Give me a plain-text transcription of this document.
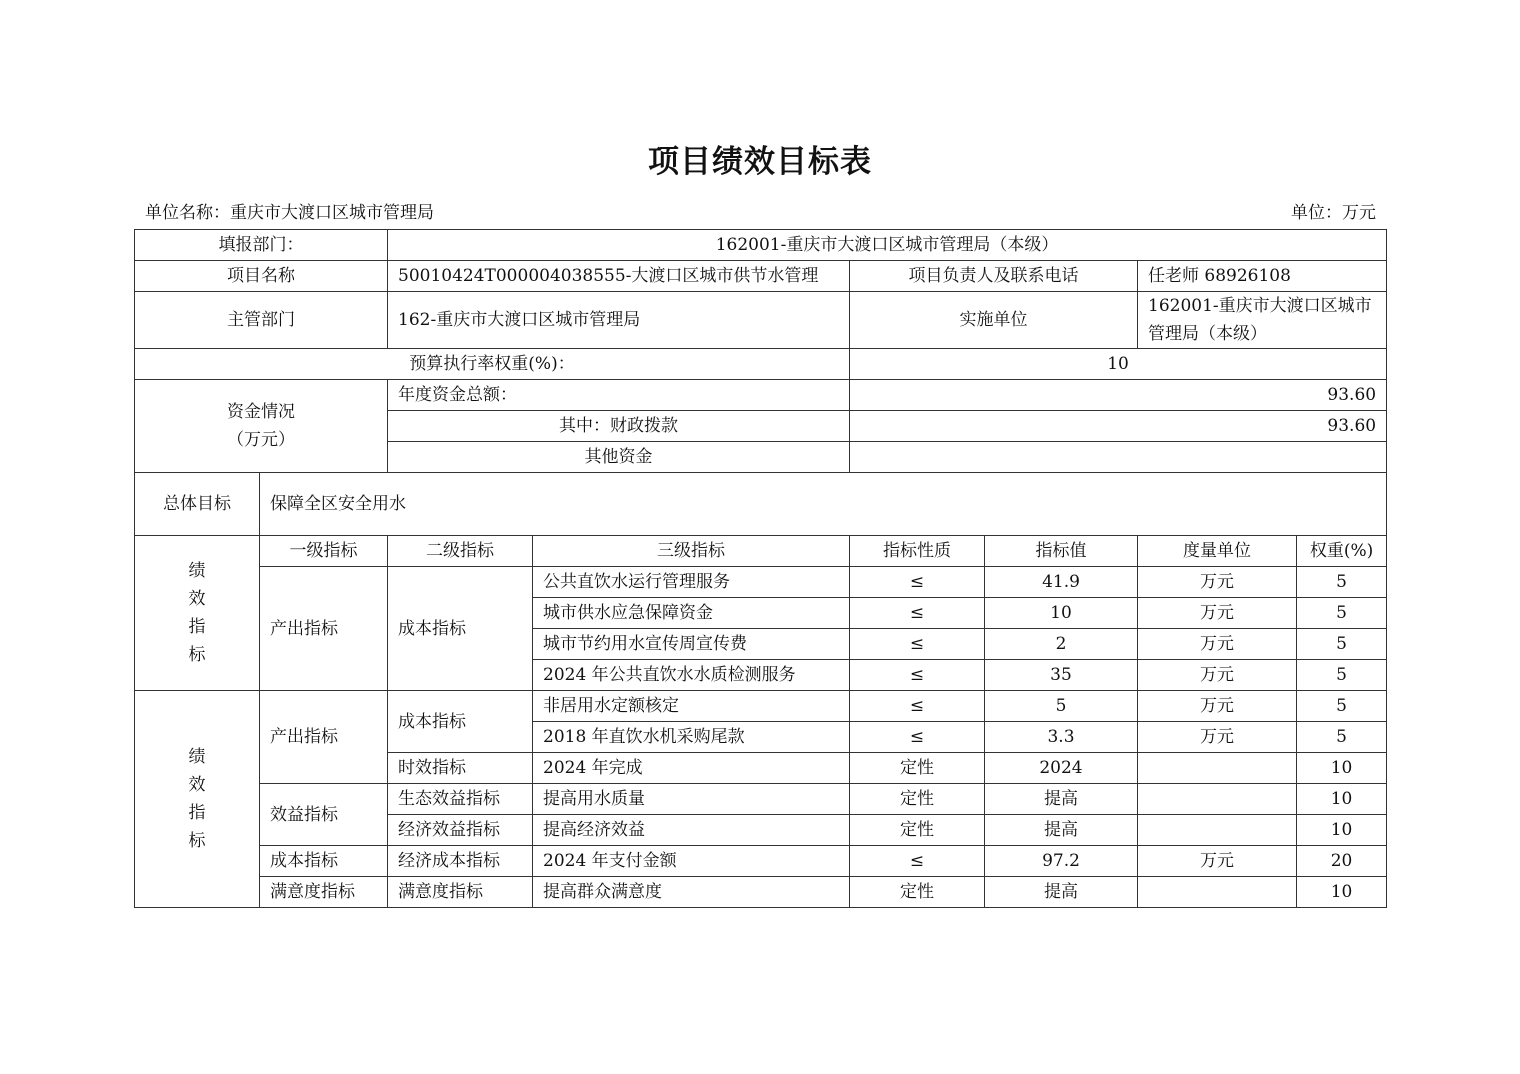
项目绩效目标表
单位名称：重庆市大渡口区城市管理局	单位：万元
填报部门：		162001-重庆市大渡口区城市管理局（本级）					
项目名称		50010424T000004038555-大渡口区城市供节水管理		项目负责人及联系电话		任老师 68926108	
主管部门		162-重庆市大渡口区城市管理局		实施单位		162001-重庆市大渡口区城市管理局（本级）	
预算执行率权重(%)：				10			

资金情况
（万元）		年度资金总额：		93.60			
		其中：财政拨款		93.60			
		其他资金					
总体目标	保障全区安全用水						

绩
效
指
标	一级指标	二级指标	三级指标	指标性质	指标值	度量单位	权重(%)
	产出指标	成本指标	公共直饮水运行管理服务	≤	41.9	万元	5
			城市供水应急保障资金	≤	10	万元	5
			城市节约用水宣传周宣传费	≤	2	万元	5
			2024 年公共直饮水水质检测服务	≤	35	万元	5

绩
效
指
标	产出指标	成本指标	非居用水定额核定	≤	5	万元	5
			2018 年直饮水机采购尾款	≤	3.3	万元	5
		时效指标	2024 年完成	定性	2024		10
	效益指标	生态效益指标	提高用水质量	定性	提高		10
		经济效益指标	提高经济效益	定性	提高		10
	成本指标	经济成本指标	2024 年支付金额	≤	97.2	万元	20
	满意度指标	满意度指标	提高群众满意度	定性	提高		10
